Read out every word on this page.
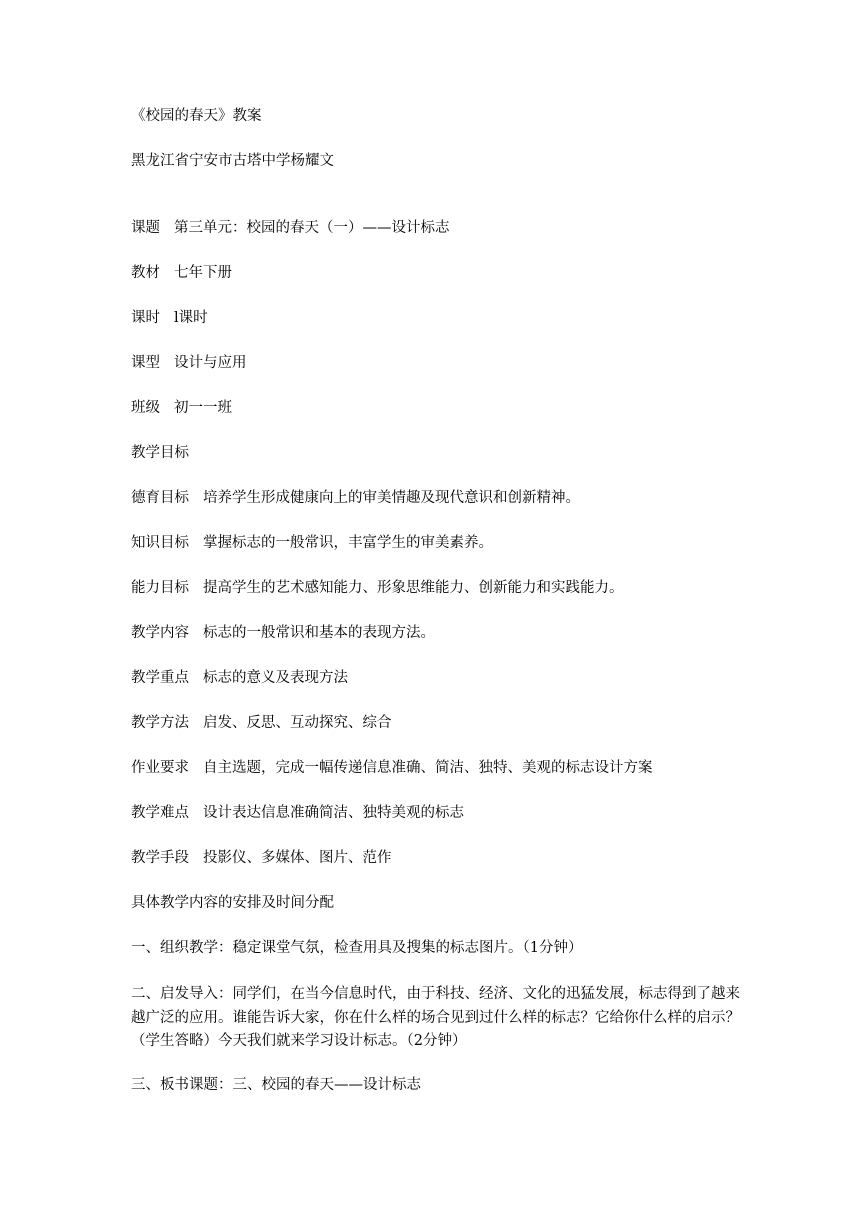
《校园的春天》教案
黑龙江省宁安市古塔中学杨耀文
课题 第三单元：校园的春天（一）——设计标志
教材 七年下册
课时 l课时
课型 设计与应用
班级 初一一班
教学目标
德育目标 培养学生形成健康向上的审美情趣及现代意识和创新精神。
知识目标 掌握标志的一般常识，丰富学生的审美素养。
能力目标 提高学生的艺术感知能力、形象思维能力、创新能力和实践能力。
教学内容 标志的一般常识和基本的表现方法。
教学重点 标志的意义及表现方法
教学方法 启发、反思、互动探究、综合
作业要求 自主选题，完成一幅传递信息准确、简洁、独特、美观的标志设计方案
教学难点 设计表达信息准确简洁、独特美观的标志
教学手段 投影仪、多媒体、图片、范作
具体教学内容的安排及时间分配
一、组织教学：稳定课堂气氛，检查用具及搜集的标志图片。（1分钟）
二、启发导入：同学们，在当今信息时代，由于科技、经济、文化的迅猛发展，标志得到了越来越广泛的应用。谁能告诉大家，你在什么样的场合见到过什么样的标志？它给你什么样的启示？（学生答略）今天我们就来学习设计标志。（2分钟）
三、板书课题：三、校园的春天——设计标志
